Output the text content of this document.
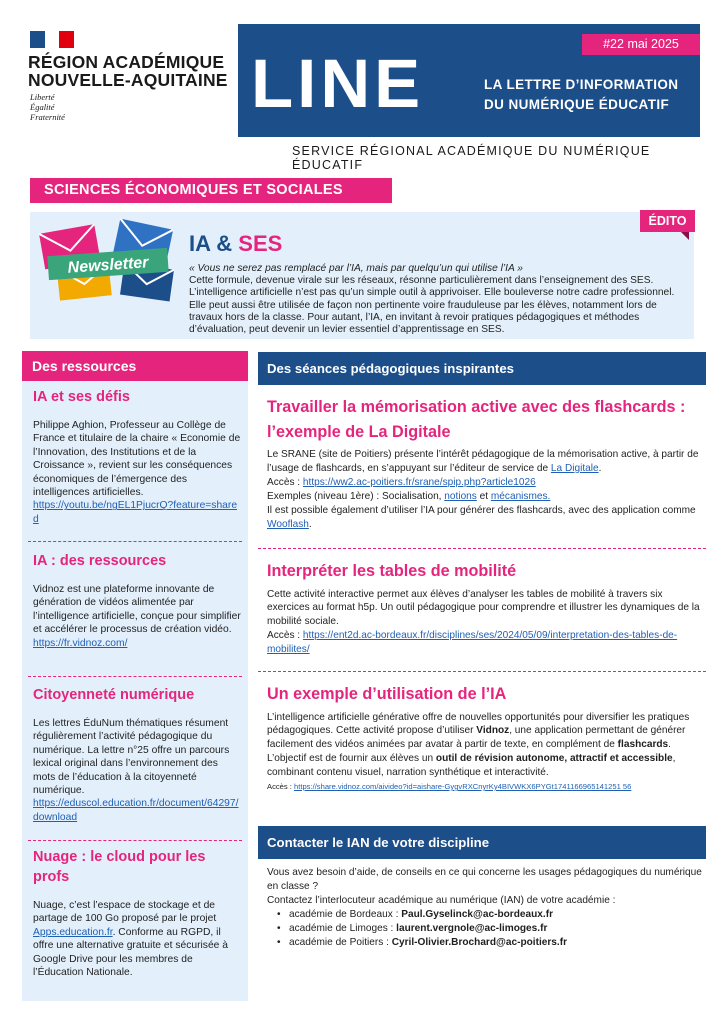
RÉGION ACADÉMIQUE
NOUVELLE-AQUITAINE
Liberté
Égalité
Fraternité	LINE	LA LETTRE D’INFORMATION
DU NUMÉRIQUE ÉDUCATIF
#22 mai 2025
SERVICE RÉGIONAL ACADÉMIQUE DU NUMÉRIQUE ÉDUCATIF
SCIENCES ÉCONOMIQUES ET SOCIALES
Newsletter
ÉDITO
IA & SES
« Vous ne serez pas remplacé par l’IA, mais par quelqu’un qui utilise l’IA »
Cette formule, devenue virale sur les réseaux, résonne particulièrement dans l’enseignement des SES. L’intelligence artificielle n’est pas qu’un simple outil à apprivoiser. Elle bouleverse notre cadre professionnel. Elle peut aussi être utilisée de façon non pertinente voire frauduleuse par les élèves, notamment lors de travaux hors de la classe. Pour autant, l’IA, en invitant à revoir pratiques pédagogiques et méthodes d’évaluation, peut devenir un levier essentiel d’apprentissage en SES.
Des ressources
IA et ses défis

Philippe Aghion, Professeur au Collège de France et titulaire de la chaire « Economie de l’Innovation, des Institutions et de la Croissance », revient sur les conséquences économiques de l’émergence des intelligences artificielles.

https://youtu.be/ngEL1PjucrQ?feature=shared
IA : des ressources

Vidnoz est une plateforme innovante de génération de vidéos alimentée par l’intelligence artificielle, conçue pour simplifier et accélérer le processus de création vidéo.

https://fr.vidnoz.com/
Citoyenneté numérique

Les lettres ÉduNum thématiques résument régulièrement l’activité pédagogique du numérique. La lettre n°25 offre un parcours lexical original dans l’environnement des mots de l’éducation à la citoyenneté numérique.

https://eduscol.education.fr/document/64297/download
Nuage : le cloud pour les profs

Nuage, c’est l’espace de stockage et de partage de 100 Go proposé par le projet Apps.education.fr. Conforme au RGPD, il offre une alternative gratuite et sécurisée à Google Drive pour les membres de l’Éducation Nationale.

Des séances pédagogiques inspirantes
Travailler la mémorisation active avec des flashcards : l’exemple de La Digitale

Le SRANE (site de Poitiers) présente l’intérêt pédagogique de la mémorisation active, à partir de l’usage de flashcards, en s’appuyant sur l’éditeur de service de La Digitale.

Accès : https://ww2.ac-poitiers.fr/srane/spip.php?article1026

Exemples (niveau 1ère) : Socialisation, notions et mécanismes.

Il est possible également d’utiliser l’IA pour générer des flashcards, avec des application comme Wooflash.

Interpréter les tables de mobilité

Cette activité interactive permet aux élèves d’analyser les tables de mobilité à travers six exercices au format h5p. Un outil pédagogique pour comprendre et illustrer les dynamiques de la mobilité sociale.

Accès : https://ent2d.ac-bordeaux.fr/disciplines/ses/2024/05/09/interpretation-des-tables-de-mobilites/

Un exemple d’utilisation de l’IA

L’intelligence artificielle générative offre de nouvelles opportunités pour diversifier les pratiques pédagogiques. Cette activité propose d’utiliser Vidnoz, une application permettant de générer facilement des vidéos animées par avatar à partir de texte, en complément de flashcards. L’objectif est de fournir aux élèves un outil de révision autonome, attractif et accessible, combinant contenu visuel, narration synthétique et interactivité.

Accès : https://share.vidnoz.com/aivideo?id=aishare-GygvRXCnyrKy4BIVWKX6PYGt1741166965141251 56

Contacter le IAN de votre discipline

Vous avez besoin d’aide, de conseils en ce qui concerne les usages pédagogiques du numérique en classe ?

Contactez l’interlocuteur académique au numérique (IAN) de votre académie :

• académie de Bordeaux : Paul.Gyselinck@ac-bordeaux.fr
• académie de Limoges : laurent.vergnole@ac-limoges.fr
• académie de Poitiers : Cyril-Olivier.Brochard@ac-poitiers.fr
